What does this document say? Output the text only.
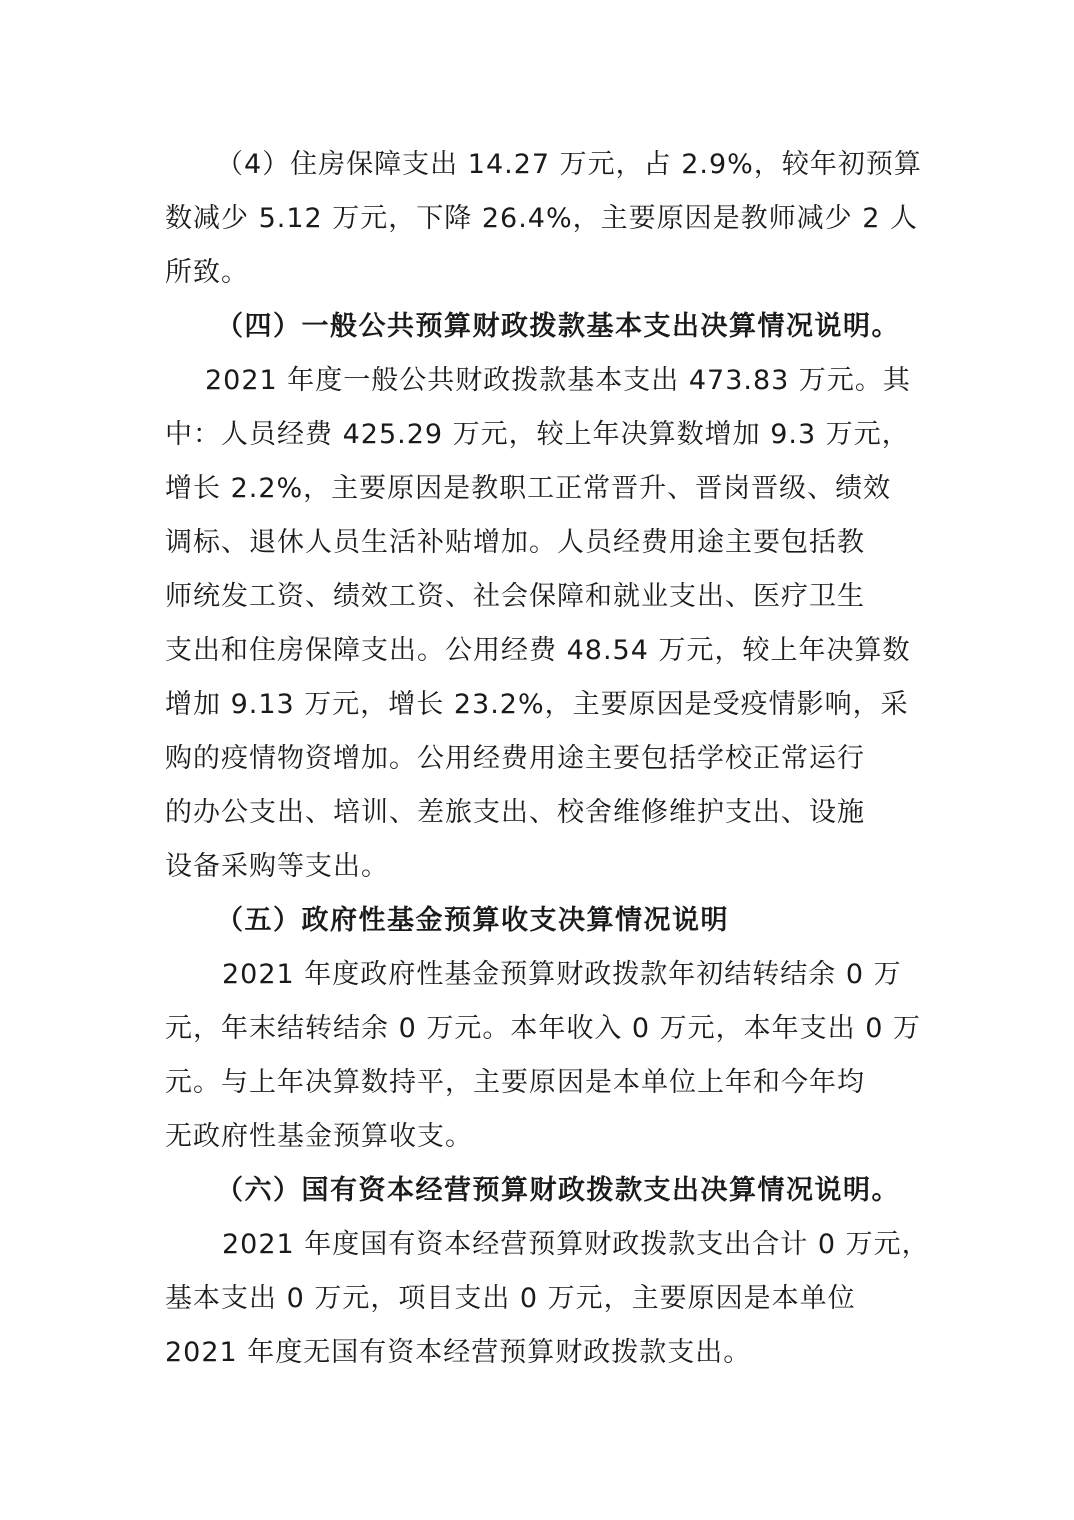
（4）住房保障支出 14.27 万元，占 2.9%，较年初预算
数减少 5.12 万元，下降 26.4%，主要原因是教师减少 2 人
所致。
（四）一般公共预算财政拨款基本支出决算情况说明。
2021 年度一般公共财政拨款基本支出 473.83 万元。其
中：人员经费 425.29 万元，较上年决算数增加 9.3 万元，
增长 2.2%，主要原因是教职工正常晋升、晋岗晋级、绩效
调标、退休人员生活补贴增加。人员经费用途主要包括教
师统发工资、绩效工资、社会保障和就业支出、医疗卫生
支出和住房保障支出。公用经费 48.54 万元，较上年决算数
增加 9.13 万元，增长 23.2%，主要原因是受疫情影响，采
购的疫情物资增加。公用经费用途主要包括学校正常运行
的办公支出、培训、差旅支出、校舍维修维护支出、设施
设备采购等支出。
（五）政府性基金预算收支决算情况说明
2021 年度政府性基金预算财政拨款年初结转结余 0 万
元，年末结转结余 0 万元。本年收入 0 万元，本年支出 0 万
元。与上年决算数持平，主要原因是本单位上年和今年均
无政府性基金预算收支。
（六）国有资本经营预算财政拨款支出决算情况说明。
2021 年度国有资本经营预算财政拨款支出合计 0 万元，
基本支出 0 万元，项目支出 0 万元，主要原因是本单位
2021 年度无国有资本经营预算财政拨款支出。
